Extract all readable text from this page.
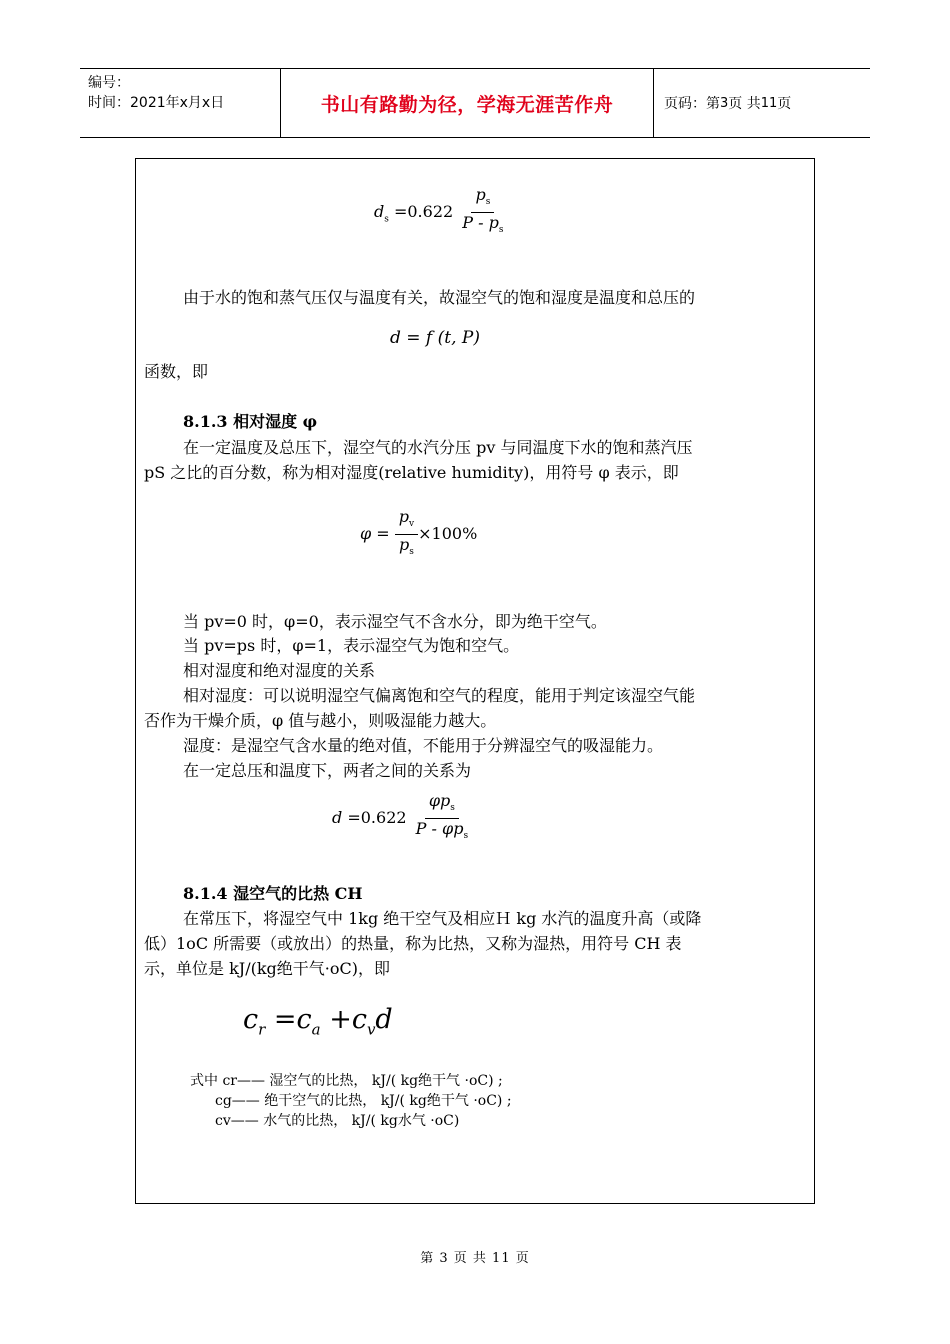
编号：
时间：2021年x月x日	书山有路勤为径，学海无涯苦作舟	页码：第 3 页 共 11 页
$d_s =0.622 \frac{p_s}{P - p_s}$
由于水的饱和蒸气压仅与温度有关，故湿空气的饱和湿度是温度和总压的
d = f (t, P)
函数，即
8.1.3 相对湿度 φ
在一定温度及总压下，湿空气的水汽分压 pv 与同温度下水的饱和蒸汽压
pS 之比的百分数，称为相对湿度(relative humidity)，用符号 φ 表示，即
$\varphi = \frac{p_v}{p_s} \times 100\%$
当 pv=0 时，φ=0，表示湿空气不含水分，即为绝干空气。
当 pv=ps 时，φ=1，表示湿空气为饱和空气。
相对湿度和绝对湿度的关系
相对湿度：可以说明湿空气偏离饱和空气的程度，能用于判定该湿空气能
否作为干燥介质，φ 值与越小，则吸湿能力越大。
湿度：是湿空气含水量的绝对值，不能用于分辨湿空气的吸湿能力。
在一定总压和温度下，两者之间的关系为
$d =0.622 \frac{\varphi p_s}{P - \varphi p_s}$
8.1.4 湿空气的比热 CH
在常压下，将湿空气中 1kg 绝干空气及相应Ｈ kg 水汽的温度升高（或降
低）1oC 所需要（或放出）的热量，称为比热，又称为湿热，用符号 CH 表
示，单位是 kJ/(kg绝干气·oC)，即
$c_r =c_a +c_vd$
式中 cr—— 湿空气的比热， kJ/( kg绝干气 ·oC) ;
cg—— 绝干空气的比热， kJ/( kg绝干气 ·oC) ;
cv—— 水气的比热， kJ/( kg水气 ·oC)
第 3 页 共 11 页
